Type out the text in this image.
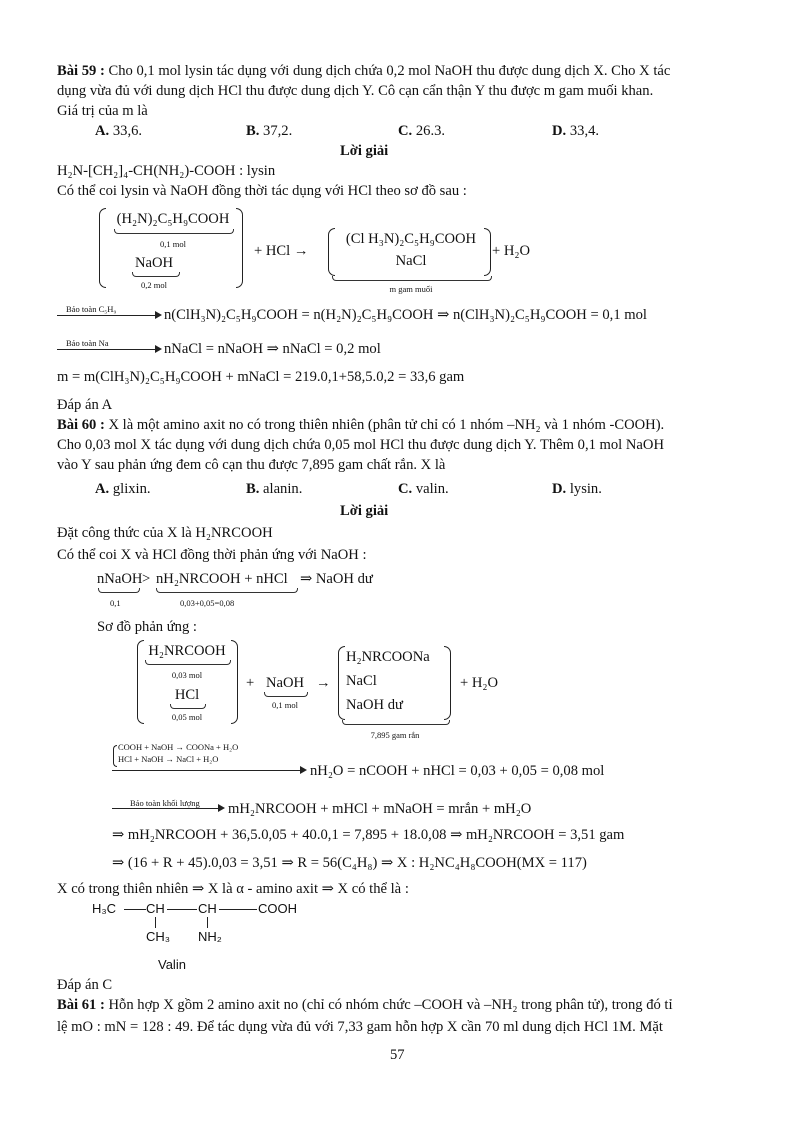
Bài 59 : Cho 0,1 mol lysin tác dụng với dung dịch chứa 0,2 mol NaOH thu được dung dịch X. Cho X tác
dụng vừa đủ với dung dịch HCl thu được dung dịch Y. Cô cạn cẩn thận Y thu được m gam muối khan.
Giá trị của m là
A. 33,6.	B. 37,2.	C. 26.3.	D. 33,4.
Lời giải
H₂N-[CH₂]₄-CH(NH₂)-COOH : lysin
Có thể coi lysin và NaOH đồng thời tác dụng với HCl theo sơ đồ sau :
(H₂N)₂C₅H₉COOH
0,1 mol
NaOH
0,2 mol
+ HCl →
(Cl H₃N)₂C₅H₉COOH
NaCl
m gam muối
+ H₂O
Bảo toàn C₅H₉	n(ClH₃N)₂C₅H₉COOH = n(H₂N)₂C₅H₉COOH ⇒ n(ClH₃N)₂C₅H₉COOH = 0,1 mol
Bảo toàn Na	nNaCl = nNaOH ⇒ nNaCl = 0,2 mol
m = m(ClH₃N)₂C₅H₉COOH + mNaCl = 219.0,1+58,5.0,2 = 33,6 gam
Đáp án A
Bài 60 : X là một amino axit no có trong thiên nhiên (phân tử chỉ có 1 nhóm –NH₂ và 1 nhóm -COOH).
Cho 0,03 mol X tác dụng với dung dịch chứa 0,05 mol HCl thu được dung dịch Y. Thêm 0,1 mol NaOH
vào Y sau phản ứng đem cô cạn thu được 7,895 gam chất rắn. X là
A. glixin.	B. alanin.	C. valin.	D. lysin.
Lời giải
Đặt công thức của X là H₂NRCOOH
Có thể coi X và HCl đồng thời phản ứng với NaOH :
nNaOH
0,1
> nH₂NRCOOH + nHCl
0,03+0,05=0,08
⇒ NaOH dư
Sơ đồ phản ứng :
H₂NRCOOH
0,03 mol
HCl
0,05 mol
+ NaOH
0,1 mol
→
H₂NRCOONa
NaCl
NaOH dư
7,895 gam rắn
+ H₂O
COOH + NaOH → COONa + H₂O
HCl + NaOH → NaCl + H₂O
nH₂O = nCOOH + nHCl = 0,03 + 0,05 = 0,08 mol
Bảo toàn khối lượng mH₂NRCOOH + mHCl + mNaOH = mrắn + mH₂O
⇒ mH₂NRCOOH + 36,5.0,05 + 40.0,1 = 7,895 + 18.0,08 ⇒ mH₂NRCOOH = 3,51 gam
⇒ (16 + R + 45).0,03 = 3,51 ⇒ R = 56(C₄H₈) ⇒ X : H₂NC₄H₈COOH(MX = 117)
X có trong thiên nhiên ⇒ X là α - amino axit ⇒ X có thể là :
H₃C CH	CH	COOH
CH₃ NH₂
Valin
Đáp án C
Bài 61 : Hỗn hợp X gồm 2 amino axit no (chỉ có nhóm chức –COOH và –NH₂ trong phân tử), trong đó tỉ
lệ mO : mN = 128 : 49. Để tác dụng vừa đủ với 7,33 gam hỗn hợp X cần 70 ml dung dịch HCl 1M. Mặt
57
